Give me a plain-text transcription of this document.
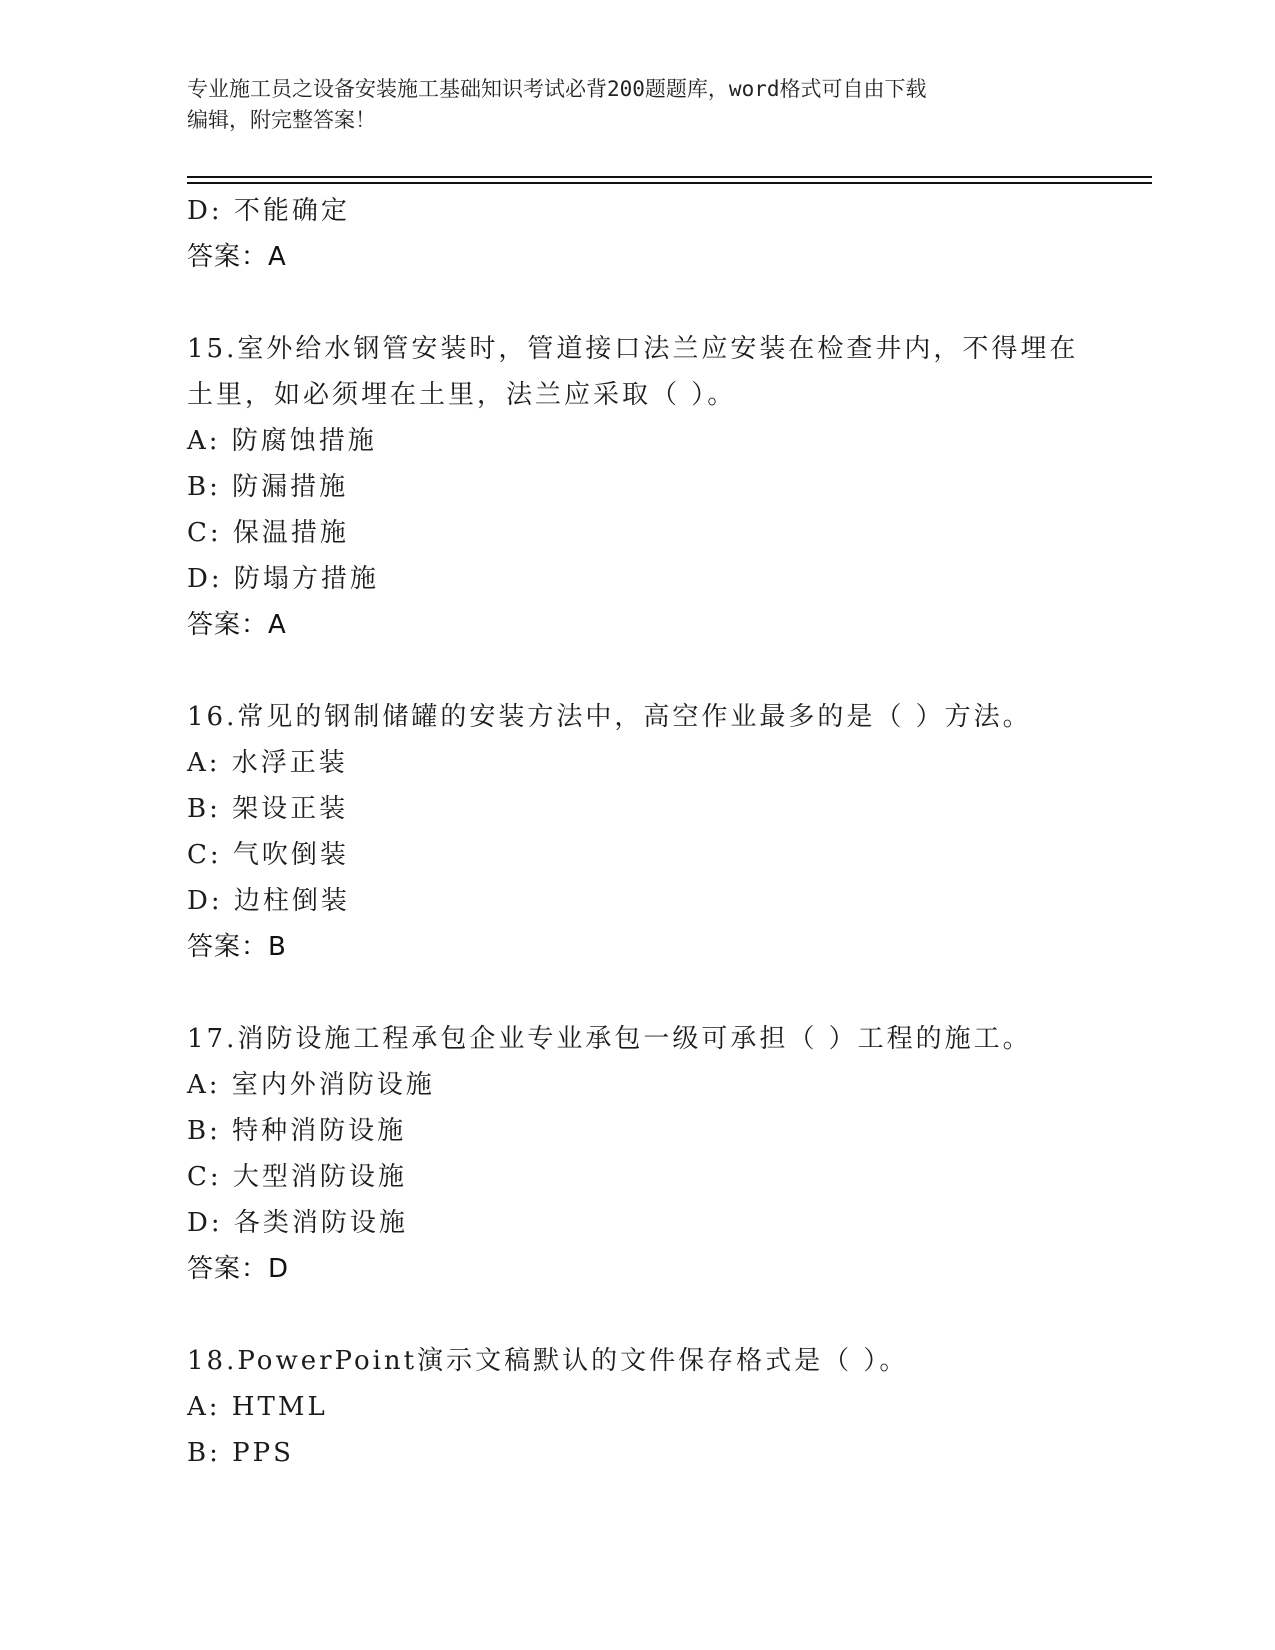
专业施工员之设备安装施工基础知识考试必背200题题库，word格式可自由下载
编辑，附完整答案！
D: 不能确定
答案：A
15.室外给水钢管安装时，管道接口法兰应安装在检查井内，不得埋在
土里，如必须埋在土里，法兰应采取（ ）。
A: 防腐蚀措施
B: 防漏措施
C: 保温措施
D: 防塌方措施
答案：A
16.常见的钢制储罐的安装方法中，高空作业最多的是（ ）方法。
A: 水浮正装
B: 架设正装
C: 气吹倒装
D: 边柱倒装
答案：B
17.消防设施工程承包企业专业承包一级可承担（ ）工程的施工。
A: 室内外消防设施
B: 特种消防设施
C: 大型消防设施
D: 各类消防设施
答案：D
18.PowerPoint演示文稿默认的文件保存格式是（ ）。
A: HTML
B: PPS
